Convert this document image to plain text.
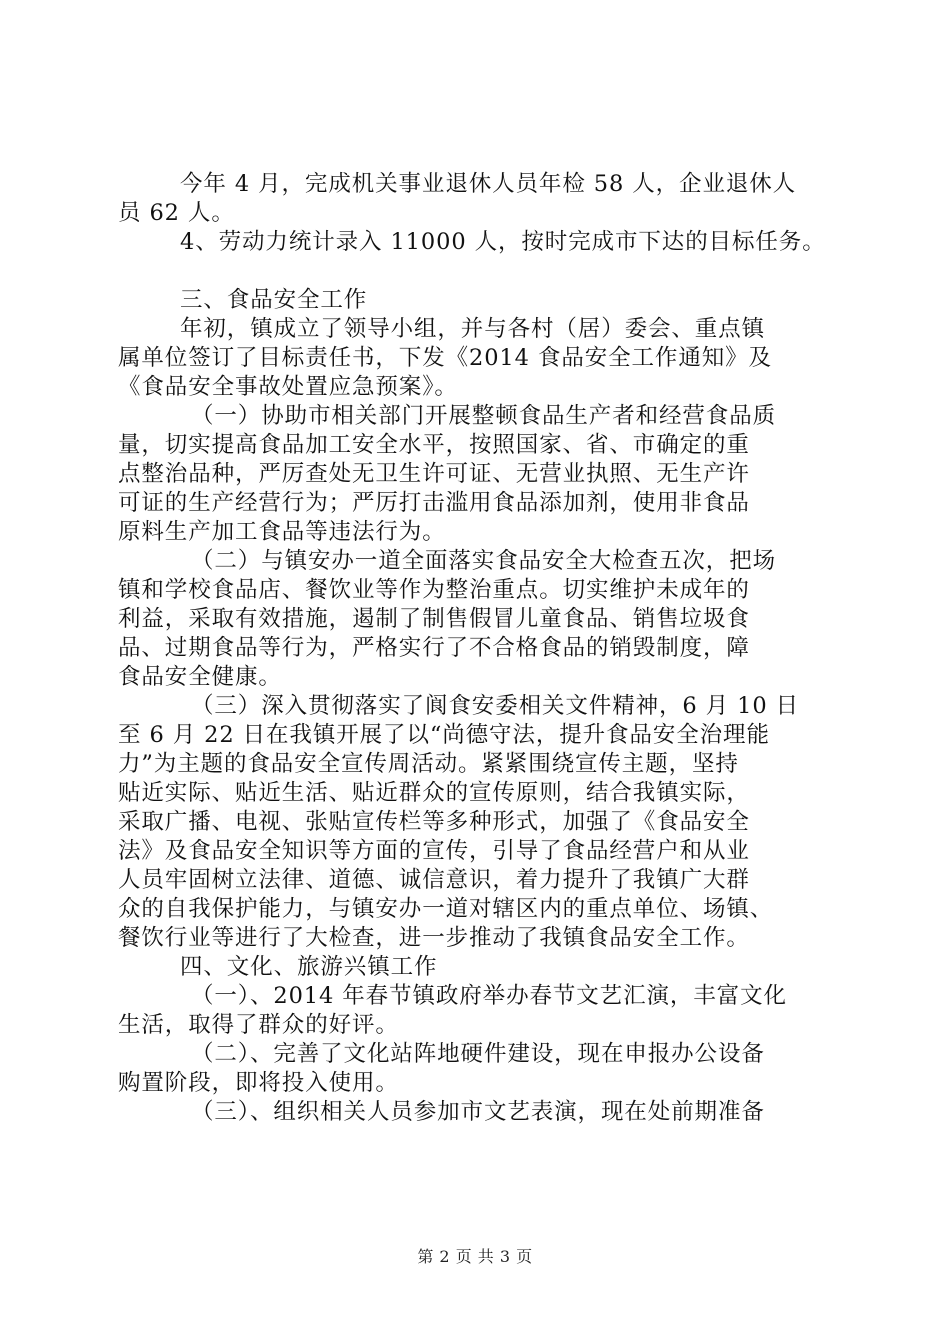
今年 4 月，完成机关事业退休人员年检 58 人，企业退休人
员 62 人。
4、劳动力统计录入 11000 人，按时完成市下达的目标任务。
三、食品安全工作
年初，镇成立了领导小组，并与各村（居）委会、重点镇
属单位签订了目标责任书，下发《2014 食品安全工作通知》及
《食品安全事故处置应急预案》。
（一）协助市相关部门开展整顿食品生产者和经营食品质
量，切实提高食品加工安全水平，按照国家、省、市确定的重
点整治品种，严厉查处无卫生许可证、无营业执照、无生产许
可证的生产经营行为；严厉打击滥用食品添加剂，使用非食品
原料生产加工食品等违法行为。
（二）与镇安办一道全面落实食品安全大检查五次，把场
镇和学校食品店、餐饮业等作为整治重点。切实维护未成年的
利益，采取有效措施，遏制了制售假冒儿童食品、销售垃圾食
品、过期食品等行为，严格实行了不合格食品的销毁制度，障
食品安全健康。
（三）深入贯彻落实了阆食安委相关文件精神，6 月 10 日
至 6 月 22 日在我镇开展了以“尚德守法，提升食品安全治理能
力”为主题的食品安全宣传周活动。紧紧围绕宣传主题，坚持
贴近实际、贴近生活、贴近群众的宣传原则，结合我镇实际，
采取广播、电视、张贴宣传栏等多种形式，加强了《食品安全
法》及食品安全知识等方面的宣传，引导了食品经营户和从业
人员牢固树立法律、道德、诚信意识，着力提升了我镇广大群
众的自我保护能力，与镇安办一道对辖区内的重点单位、场镇、
餐饮行业等进行了大检查，进一步推动了我镇食品安全工作。
四、文化、旅游兴镇工作
（一）、2014 年春节镇政府举办春节文艺汇演，丰富文化
生活，取得了群众的好评。
（二）、完善了文化站阵地硬件建设，现在申报办公设备
购置阶段，即将投入使用。
（三）、组织相关人员参加市文艺表演，现在处前期准备
第 2 页 共 3 页
